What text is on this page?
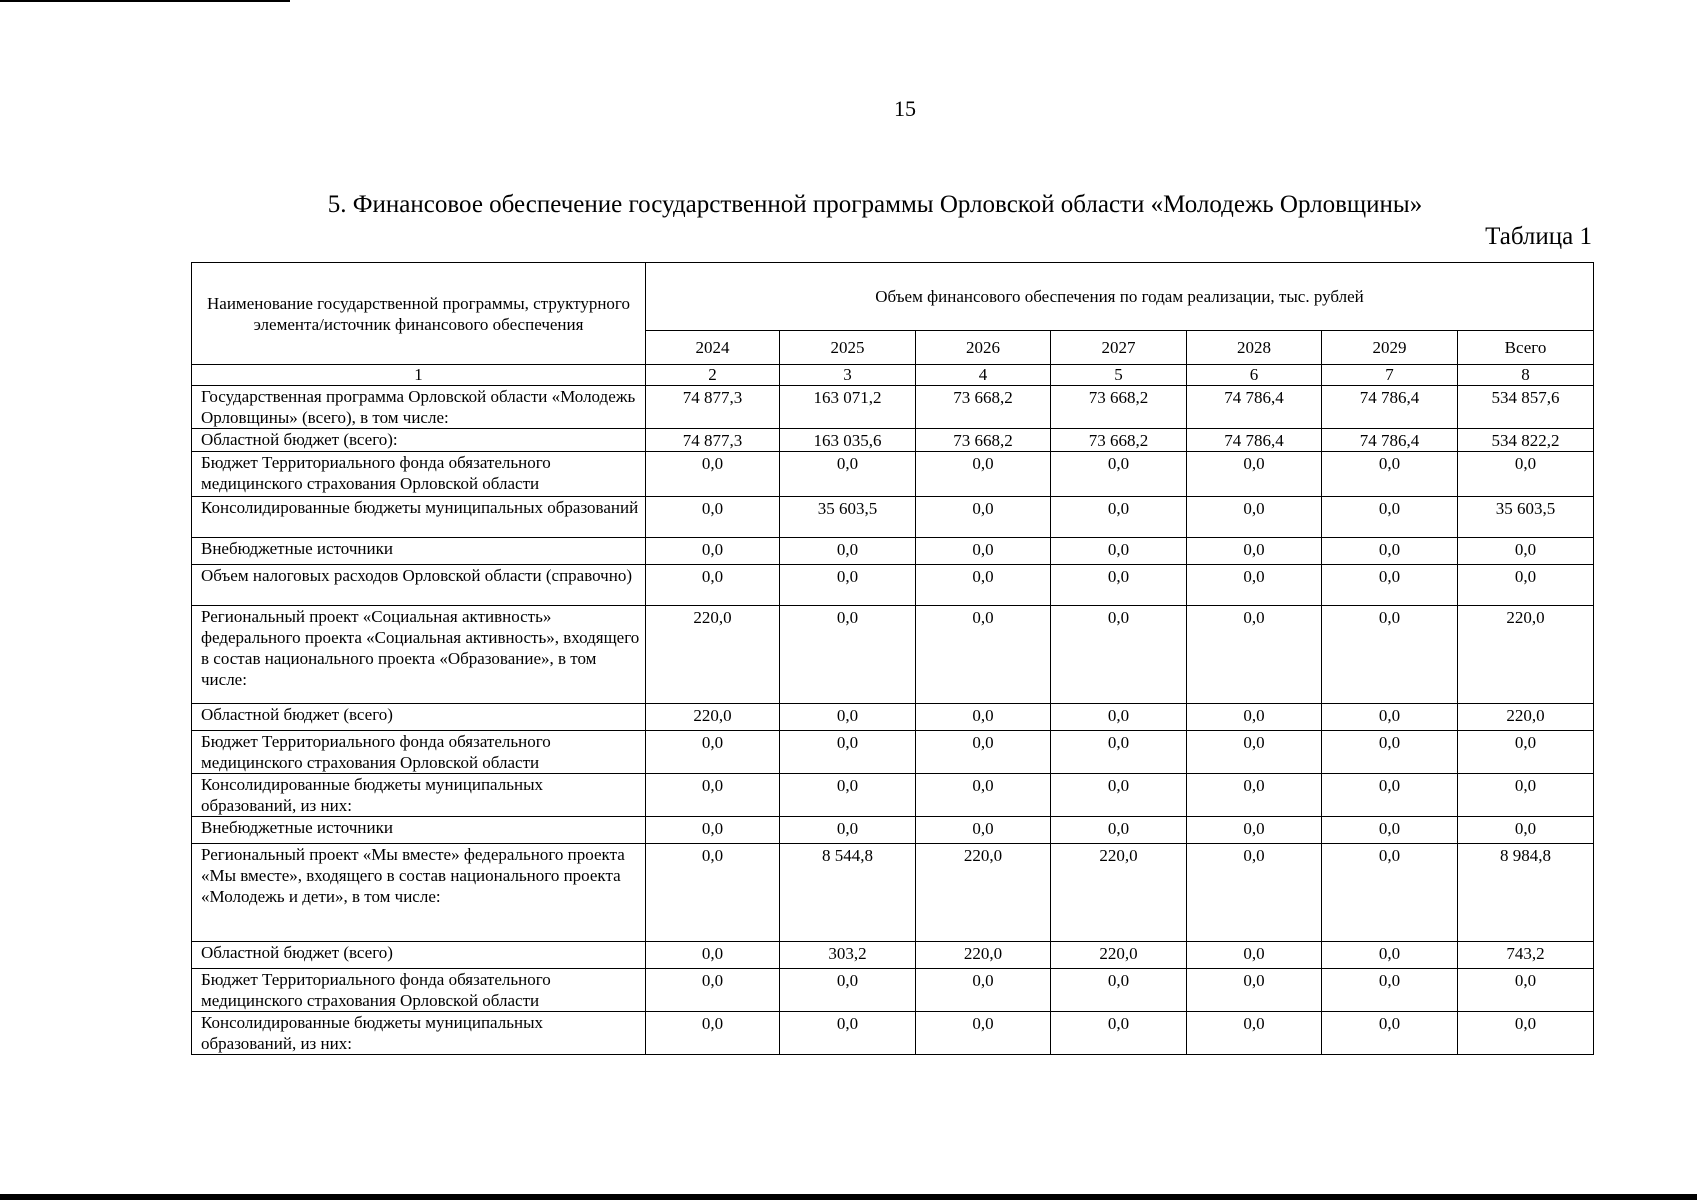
15
5. Финансовое обеспечение государственной программы Орловской области «Молодежь Орловщины»
Таблица 1
Наименование государственной программы, структурного элемента/источник финансового обеспечения	Объем финансового обеспечения по годам реализации, тыс. рублей						
	2024	2025	2026	2027	2028	2029	Всего
1	2	3	4	5	6	7	8
Государственная программа Орловской области «Молодежь Орловщины» (всего), в том числе:	74 877,3	163 071,2	73 668,2	73 668,2	74 786,4	74 786,4	534 857,6
Областной бюджет (всего):	74 877,3	163 035,6	73 668,2	73 668,2	74 786,4	74 786,4	534 822,2
Бюджет Территориального фонда обязательного медицинского страхования Орловской области	0,0	0,0	0,0	0,0	0,0	0,0	0,0
Консолидированные бюджеты муниципальных образований	0,0	35 603,5	0,0	0,0	0,0	0,0	35 603,5
Внебюджетные источники	0,0	0,0	0,0	0,0	0,0	0,0	0,0
Объем налоговых расходов Орловской области (справочно)	0,0	0,0	0,0	0,0	0,0	0,0	0,0
Региональный проект «Социальная активность» федерального проекта «Социальная активность», входящего в состав национального проекта «Образование», в том числе:	220,0	0,0	0,0	0,0	0,0	0,0	220,0
Областной бюджет (всего)	220,0	0,0	0,0	0,0	0,0	0,0	220,0
Бюджет Территориального фонда обязательного медицинского страхования Орловской области	0,0	0,0	0,0	0,0	0,0	0,0	0,0
Консолидированные бюджеты муниципальных образований, из них:	0,0	0,0	0,0	0,0	0,0	0,0	0,0
Внебюджетные источники	0,0	0,0	0,0	0,0	0,0	0,0	0,0
Региональный проект «Мы вместе» федерального проекта «Мы вместе», входящего в состав национального проекта «Молодежь и дети», в том числе:	0,0	8 544,8	220,0	220,0	0,0	0,0	8 984,8
Областной бюджет (всего)	0,0	303,2	220,0	220,0	0,0	0,0	743,2
Бюджет Территориального фонда обязательного медицинского страхования Орловской области	0,0	0,0	0,0	0,0	0,0	0,0	0,0
Консолидированные бюджеты муниципальных образований, из них:	0,0	0,0	0,0	0,0	0,0	0,0	0,0
